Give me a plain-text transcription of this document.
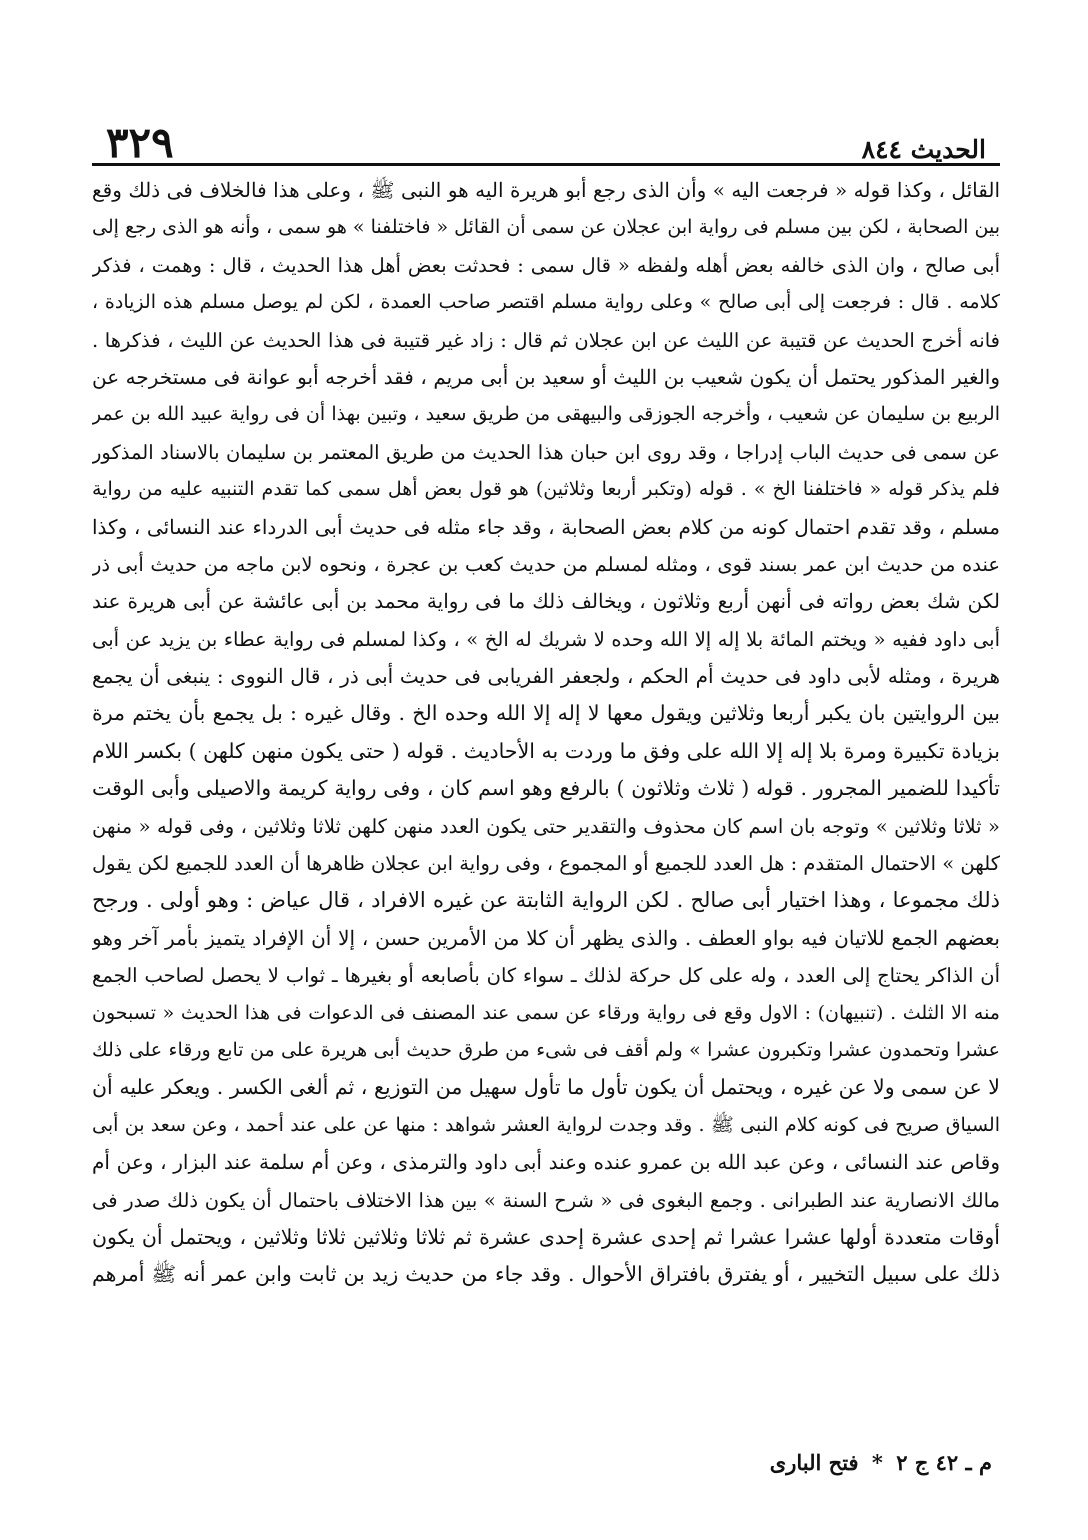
الحديث ٨٤٤
٣٢٩
القائل ، وكذا قوله « فرجعت اليه » وأن الذى رجع أبو هريرة اليه هو النبى ﷺ ، وعلى هذا فالخلاف فى ذلك وقع
بين الصحابة ، لكن بين مسلم فى رواية ابن عجلان عن سمى أن القائل « فاختلفنا » هو سمى ، وأنه هو الذى رجع إلى
أبى صالح ، وان الذى خالفه بعض أهله ولفظه « قال سمى : فحدثت بعض أهل هذا الحديث ، قال : وهمت ، فذكر
كلامه . قال : فرجعت إلى أبى صالح » وعلى رواية مسلم اقتصر صاحب العمدة ، لكن لم يوصل مسلم هذه الزيادة ،
فانه أخرج الحديث عن قتيبة عن الليث عن ابن عجلان ثم قال : زاد غير قتيبة فى هذا الحديث عن الليث ، فذكرها .
والغير المذكور يحتمل أن يكون شعيب بن الليث أو سعيد بن أبى مريم ، فقد أخرجه أبو عوانة فى مستخرجه عن
الربيع بن سليمان عن شعيب ، وأخرجه الجوزقى والبيهقى من طريق سعيد ، وتبين بهذا أن فى رواية عبيد الله بن عمر
عن سمى فى حديث الباب إدراجا ، وقد روى ابن حبان هذا الحديث من طريق المعتمر بن سليمان بالاسناد المذكور
فلم يذكر قوله « فاختلفنا الخ » . قوله (وتكبر أربعا وثلاثين) هو قول بعض أهل سمى كما تقدم التنبيه عليه من رواية
مسلم ، وقد تقدم احتمال كونه من كلام بعض الصحابة ، وقد جاء مثله فى حديث أبى الدرداء عند النسائى ، وكذا
عنده من حديث ابن عمر بسند قوى ، ومثله لمسلم من حديث كعب بن عجرة ، ونحوه لابن ماجه من حديث أبى ذر
لكن شك بعض رواته فى أنهن أربع وثلاثون ، ويخالف ذلك ما فى رواية محمد بن أبى عائشة عن أبى هريرة عند
أبى داود ففيه « ويختم المائة بلا إله إلا الله وحده لا شريك له الخ » ، وكذا لمسلم فى رواية عطاء بن يزيد عن أبى
هريرة ، ومثله لأبى داود فى حديث أم الحكم ، ولجعفر الفريابى فى حديث أبى ذر ، قال النووى : ينبغى أن يجمع
بين الروايتين بان يكبر أربعا وثلاثين ويقول معها لا إله إلا الله وحده الخ . وقال غيره : بل يجمع بأن يختم مرة
بزيادة تكبيرة ومرة بلا إله إلا الله على وفق ما وردت به الأحاديث . قوله ( حتى يكون منهن كلهن ) بكسر اللام
تأكيدا للضمير المجرور . قوله ( ثلاث وثلاثون ) بالرفع وهو اسم كان ، وفى رواية كريمة والاصيلى وأبى الوقت
« ثلاثا وثلاثين » وتوجه بان اسم كان محذوف والتقدير حتى يكون العدد منهن كلهن ثلاثا وثلاثين ، وفى قوله « منهن
كلهن » الاحتمال المتقدم : هل العدد للجميع أو المجموع ، وفى رواية ابن عجلان ظاهرها أن العدد للجميع لكن يقول
ذلك مجموعا ، وهذا اختيار أبى صالح . لكن الرواية الثابتة عن غيره الافراد ، قال عياض : وهو أولى . ورجح
بعضهم الجمع للاتيان فيه بواو العطف . والذى يظهر أن كلا من الأمرين حسن ، إلا أن الإفراد يتميز بأمر آخر وهو
أن الذاكر يحتاج إلى العدد ، وله على كل حركة لذلك ـ سواء كان بأصابعه أو بغيرها ـ ثواب لا يحصل لصاحب الجمع
منه الا الثلث . (تنبيهان) : الاول وقع فى رواية ورقاء عن سمى عند المصنف فى الدعوات فى هذا الحديث « تسبحون
عشرا وتحمدون عشرا وتكبرون عشرا » ولم أقف فى شىء من طرق حديث أبى هريرة على من تابع ورقاء على ذلك
لا عن سمى ولا عن غيره ، ويحتمل أن يكون تأول ما تأول سهيل من التوزيع ، ثم ألغى الكسر . ويعكر عليه أن
السياق صريح فى كونه كلام النبى ﷺ . وقد وجدت لرواية العشر شواهد : منها عن على عند أحمد ، وعن سعد بن أبى
وقاص عند النسائى ، وعن عبد الله بن عمرو عنده وعند أبى داود والترمذى ، وعن أم سلمة عند البزار ، وعن أم
مالك الانصارية عند الطبرانى . وجمع البغوى فى « شرح السنة » بين هذا الاختلاف باحتمال أن يكون ذلك صدر فى
أوقات متعددة أولها عشرا عشرا ثم إحدى عشرة إحدى عشرة ثم ثلاثا وثلاثين ثلاثا وثلاثين ، ويحتمل أن يكون
ذلك على سبيل التخيير ، أو يفترق بافتراق الأحوال . وقد جاء من حديث زيد بن ثابت وابن عمر أنه ﷺ أمرهم
م ـ ٤٢ ج ٢ * فتح البارى
